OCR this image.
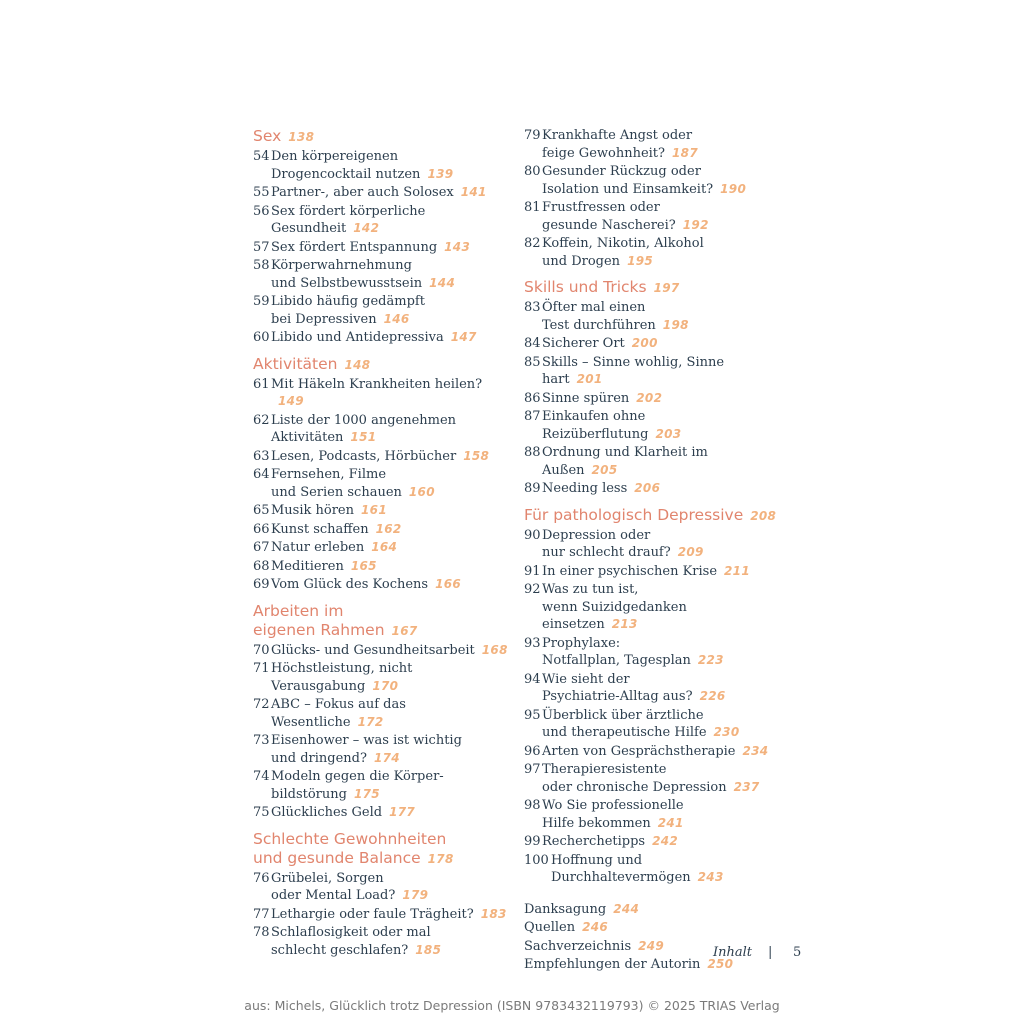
Sex 138
54 Den körpereigenen
Drogencocktail nutzen 139
55 Partner-, aber auch Solosex 141
56 Sex fördert körperliche
Gesundheit 142
57 Sex fördert Entspannung 143
58 Körperwahrnehmung
und Selbstbewusstsein 144
59 Libido häufig gedämpft
bei Depressiven 146
60 Libido und Antidepressiva 147
Aktivitäten 148
61 Mit Häkeln Krankheiten heilen?149
62 Liste der 1000 angenehmen
Aktivitäten 151
63 Lesen, Podcasts, Hörbücher 158
64 Fernsehen, Filme
und Serien schauen 160
65 Musik hören 161
66 Kunst schaffen 162
67 Natur erleben 164
68 Meditieren 165
69 Vom Glück des Kochens 166
Arbeiten im
eigenen Rahmen 167
70 Glücks- und Gesundheitsarbeit 168
71 Höchstleistung, nicht
Verausgabung 170
72 ABC – Fokus auf das Wesentliche 172
73 Eisenhower – was ist wichtig
und dringend? 174
74 Modeln gegen die Körper-
bildstörung 175
75 Glückliches Geld 177
Schlechte Gewohnheiten
und gesunde Balance 178
76 Grübelei, Sorgen
oder Mental Load? 179
77 Lethargie oder faule Trägheit? 183
78 Schlaflosigkeit oder mal
schlecht geschlafen? 185
79 Krankhafte Angst oder
feige Gewohnheit? 187
80 Gesunder Rückzug oder
Isolation und Einsamkeit? 190
81 Frustfressen oder
gesunde Nascherei? 192
82 Koffein, Nikotin, Alkohol
und Drogen 195
Skills und Tricks 197
83 Öfter mal einen
Test durchführen 198
84 Sicherer Ort 200
85 Skills – Sinne wohlig, Sinne hart 201
86 Sinne spüren 202
87 Einkaufen ohne
Reizüberflutung 203
88 Ordnung und Klarheit im Außen 205
89 Needing less 206
Für pathologisch Depressive 208
90 Depression oder
nur schlecht drauf? 209
91 In einer psychischen Krise 211
92 Was zu tun ist,
wenn Suizidgedanken einsetzen 213
93 Prophylaxe:
Notfallplan, Tagesplan 223
94 Wie sieht der
Psychiatrie-Alltag aus? 226
95 Überblick über ärztliche
und therapeutische Hilfe 230
96 Arten von Gesprächstherapie 234
97 Therapieresistente
oder chronische Depression 237
98 Wo Sie professionelle
Hilfe bekommen 241
99 Recherchetipps 242
100 Hoffnung und
Durchhaltevermögen 243
Danksagung 244
Quellen 246
Sachverzeichnis 249
Empfehlungen der Autorin 250
Inhalt | 5
aus: Michels, Glücklich trotz Depression (ISBN 9783432119793) © 2025 TRIAS Verlag
